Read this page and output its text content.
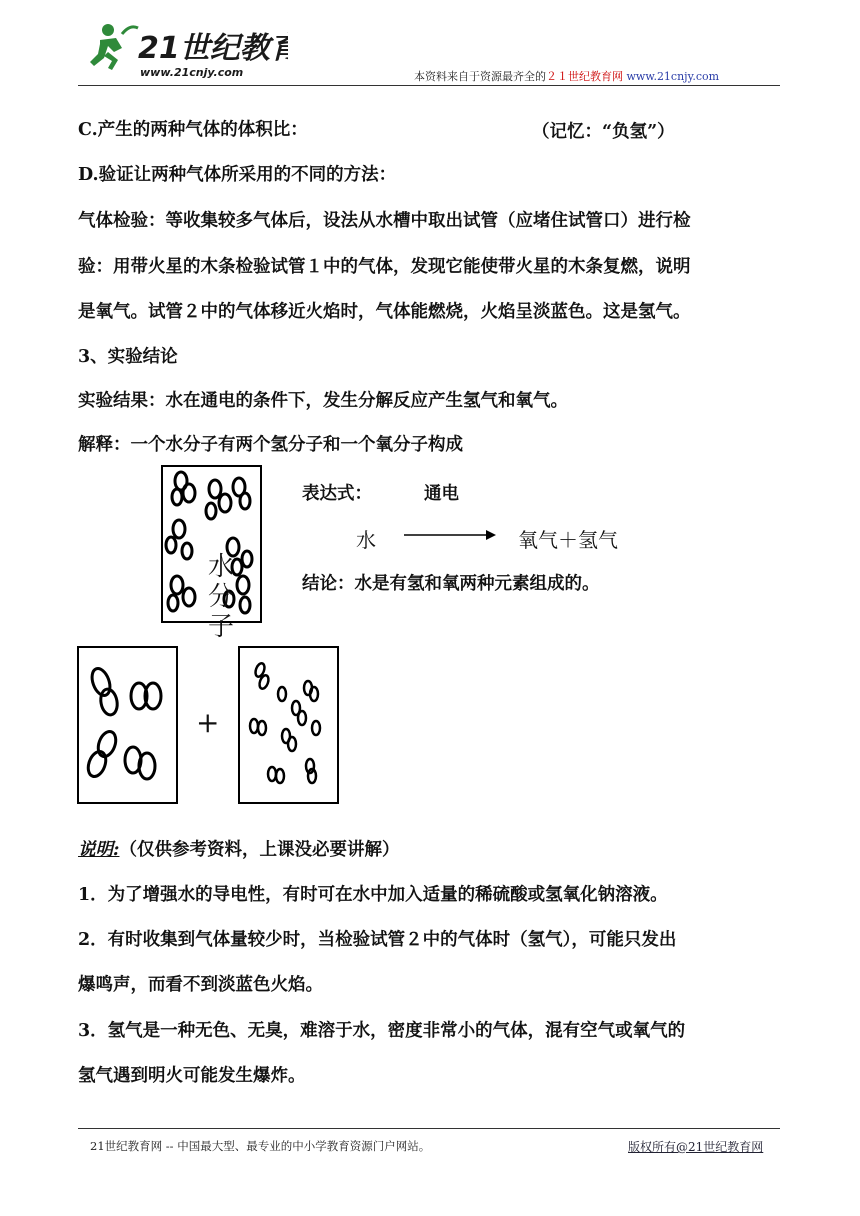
21世纪教育
www.21cnjy.com	本资料来自于资源最齐全的２１世纪教育网 www.21cnjy.com
C.产生的两种气体的体积比：	（记忆：“负氢”）
D.验证让两种气体所采用的不同的方法：
气体检验：等收集较多气体后，设法从水槽中取出试管（应堵住试管口）进行检
验：用带火星的木条检验试管１中的气体，发现它能使带火星的木条复燃，说明
是氧气。试管２中的气体移近火焰时，气体能燃烧，火焰呈淡蓝色。这是氢气。
3、实验结论
实验结果：水在通电的条件下，发生分解反应产生氢气和氧气。
解释：一个水分子有两个氢分子和一个氧分子构成
水
分
子
+
表达式：	通电
水	氧气＋氢气
结论：水是有氢和氧两种元素组成的。
说明:（仅供参考资料，上课没必要讲解）
1．为了增强水的导电性，有时可在水中加入适量的稀硫酸或氢氧化钠溶液。
2．有时收集到气体量较少时，当检验试管２中的气体时（氢气），可能只发出
爆鸣声，而看不到淡蓝色火焰。
3．氢气是一种无色、无臭，难溶于水，密度非常小的气体，混有空气或氧气的
氢气遇到明火可能发生爆炸。
21世纪教育网 -- 中国最大型、最专业的中小学教育资源门户网站。	版权所有@21世纪教育网
